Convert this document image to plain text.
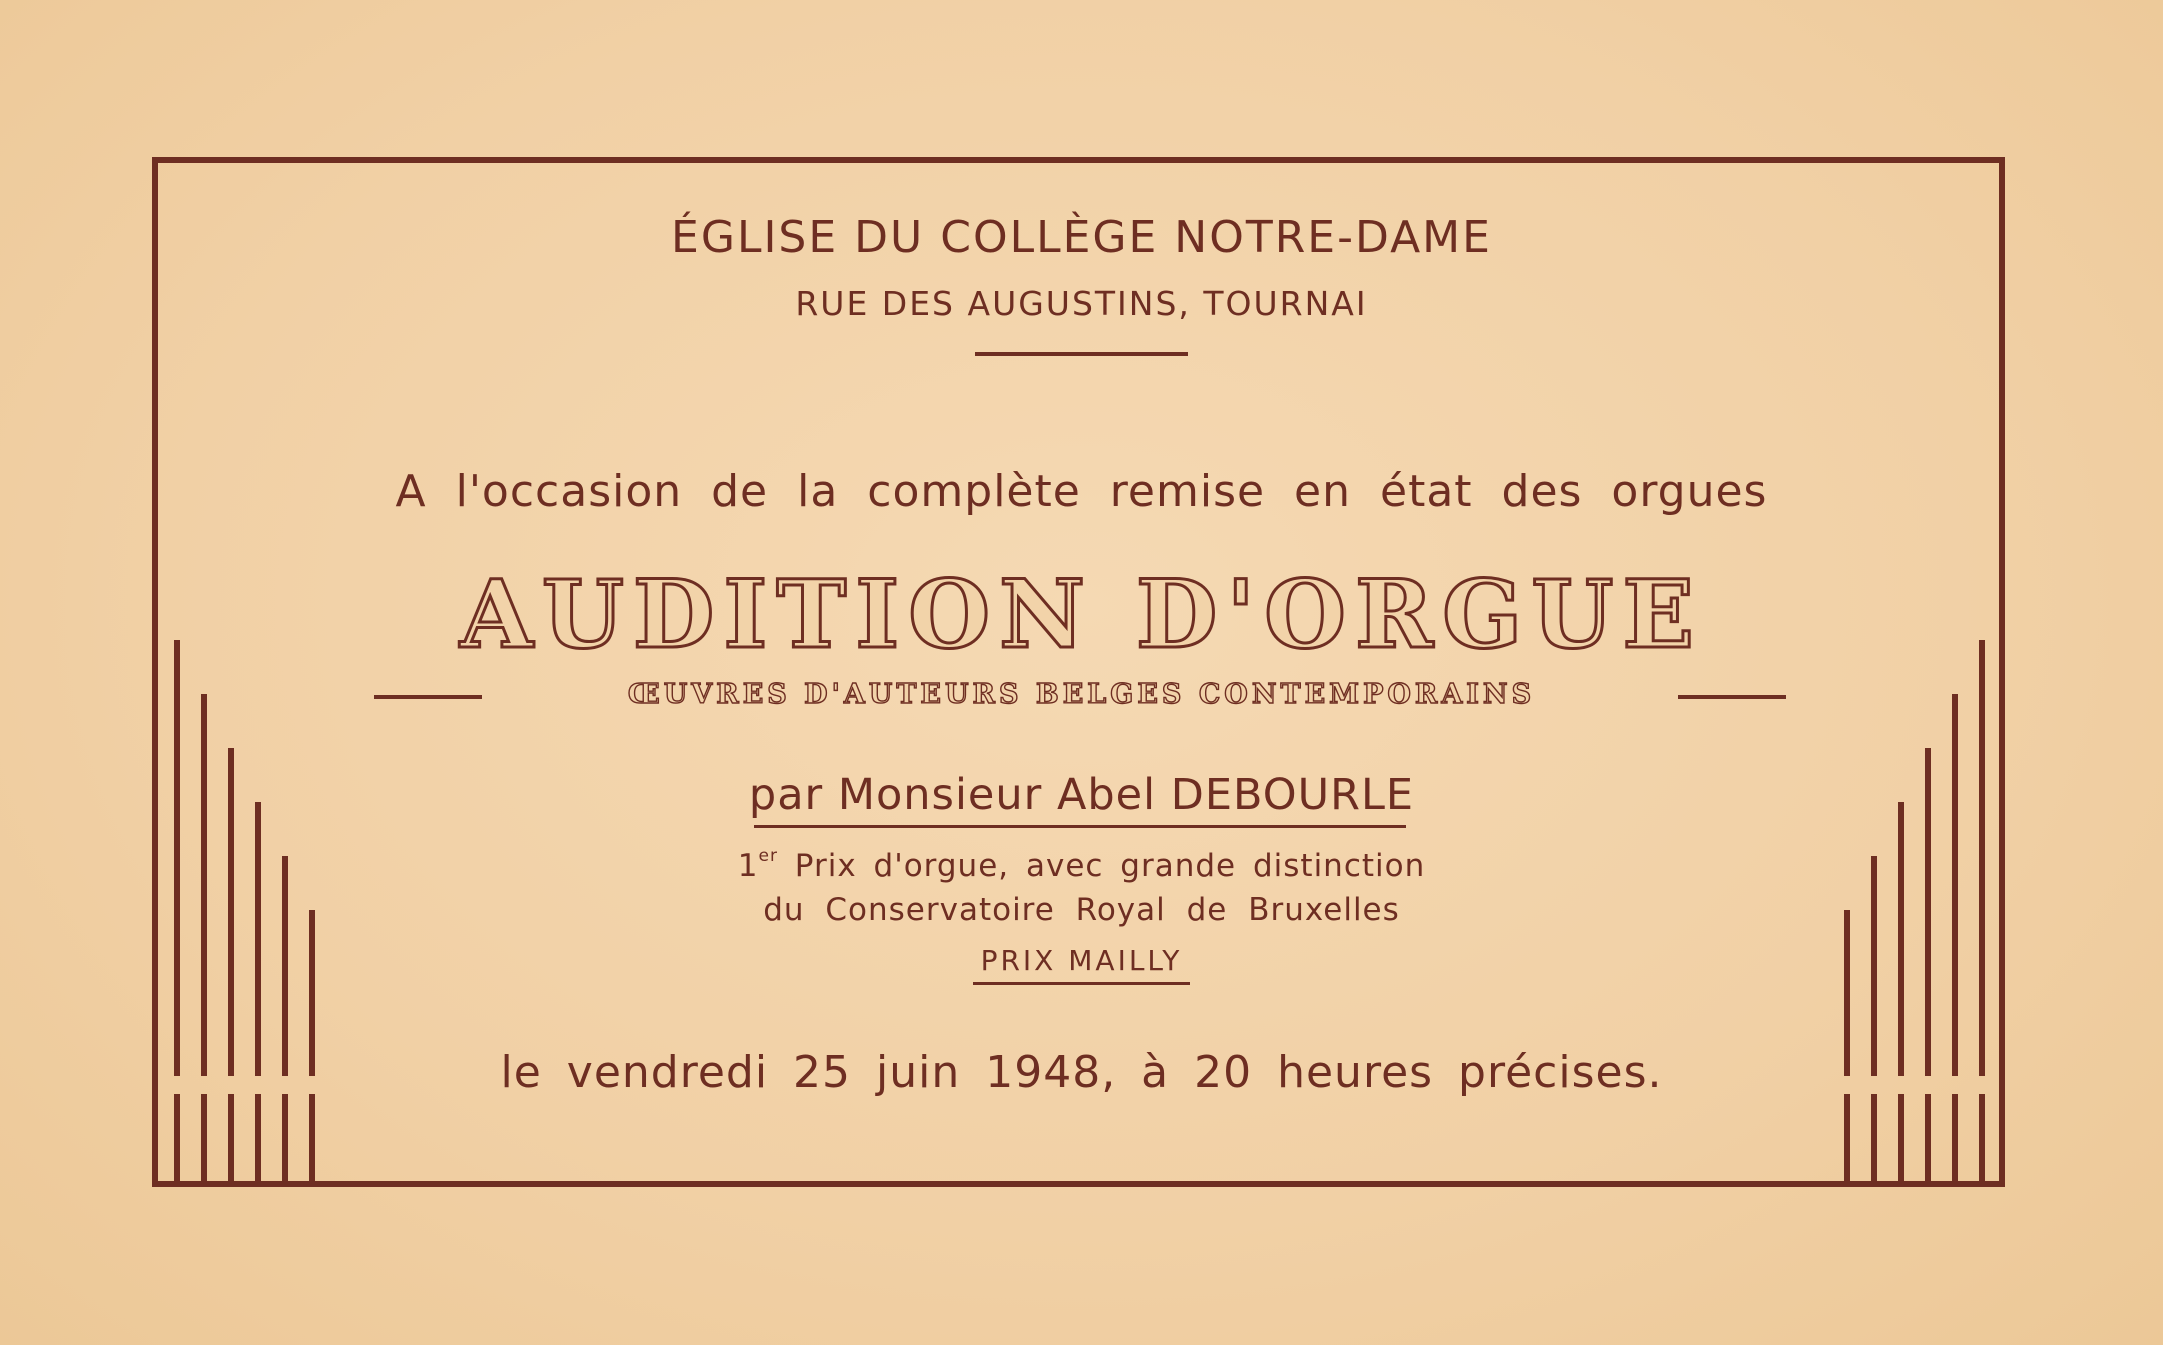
ÉGLISE DU COLLÈGE NOTRE-DAME
RUE DES AUGUSTINS, TOURNAI
A l'occasion de la complète remise en état des orgues
AUDITION D'ORGUE
ŒUVRES D'AUTEURS BELGES CONTEMPORAINS
par Monsieur Abel DEBOURLE
1er Prix d'orgue, avec grande distinction
du Conservatoire Royal de Bruxelles
PRIX MAILLY
le vendredi 25 juin 1948, à 20 heures précises.
